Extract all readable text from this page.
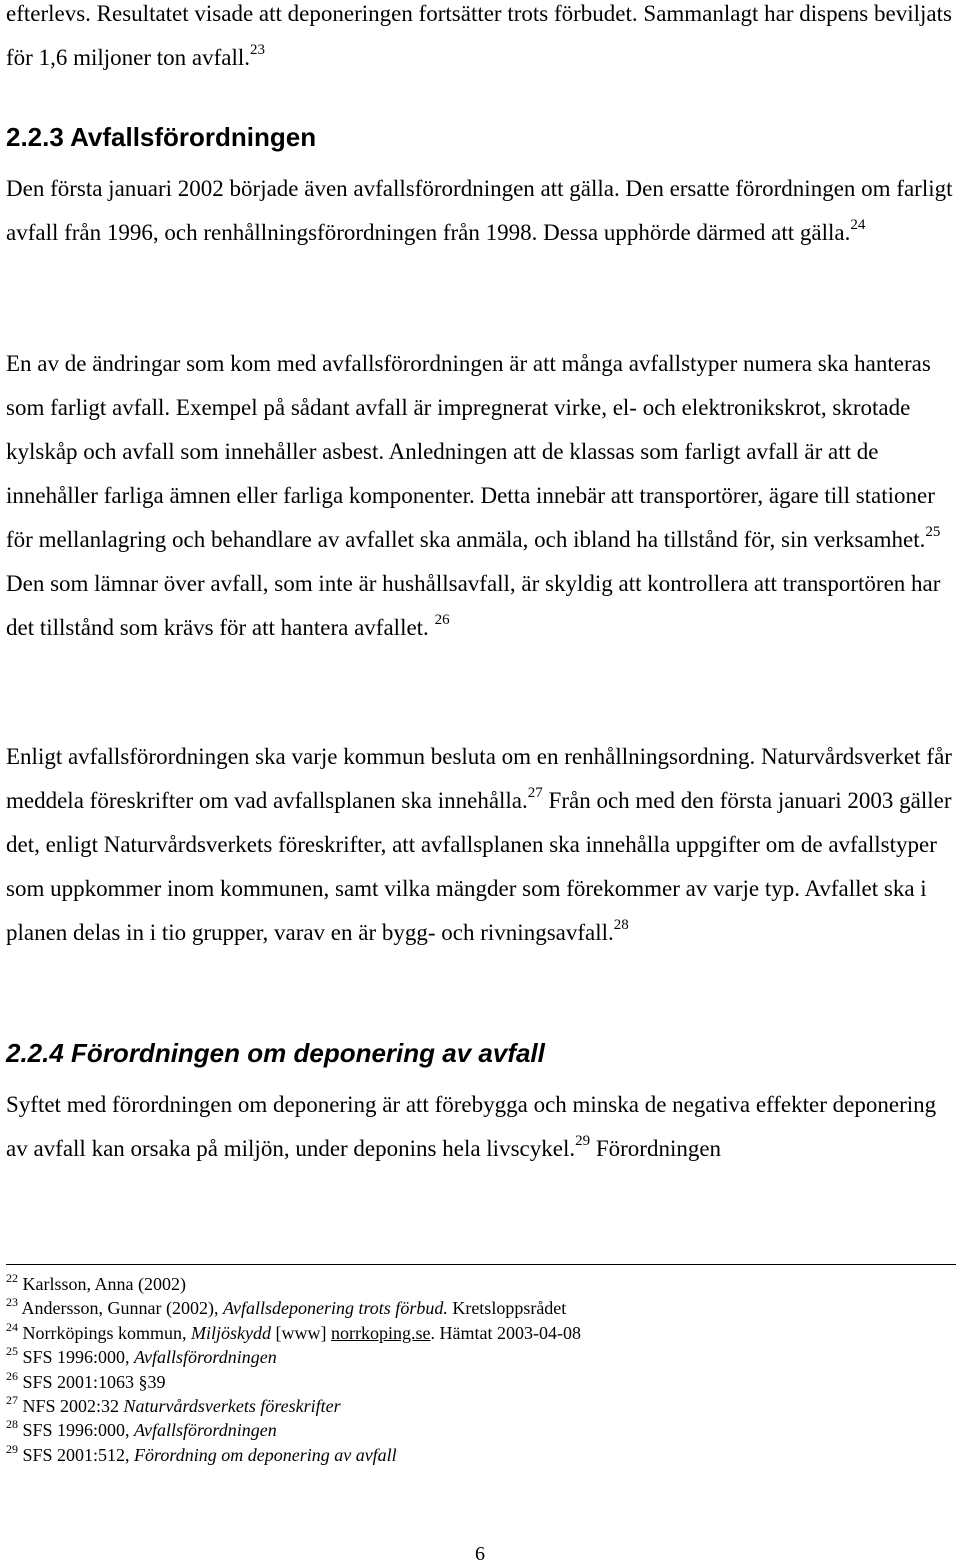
efterlevs. Resultatet visade att deponeringen fortsätter trots förbudet. Sammanlagt har dispens beviljats för 1,6 miljoner ton avfall.$^{23}$

2.2.3 Avfallsförordningen

Den första januari 2002 började även avfallsförordningen att gälla. Den ersatte förordningen om farligt avfall från 1996, och renhållningsförordningen från 1998. Dessa upphörde därmed att gälla.$^{24}$

En av de ändringar som kom med avfallsförordningen är att många avfallstyper numera ska hanteras som farligt avfall. Exempel på sådant avfall är impregnerat virke, el- och elektronikskrot, skrotade kylskåp och avfall som innehåller asbest. Anledningen att de klassas som farligt avfall är att de innehåller farliga ämnen eller farliga komponenter. Detta innebär att transportörer, ägare till stationer för mellanlagring och behandlare av avfallet ska anmäla, och ibland ha tillstånd för, sin verksamhet.$^{25}$ Den som lämnar över avfall, som inte är hushållsavfall, är skyldig att kontrollera att transportören har det tillstånd som krävs för att hantera avfallet. $^{26}$

Enligt avfallsförordningen ska varje kommun besluta om en renhållningsordning. Naturvårdsverket får meddela föreskrifter om vad avfallsplanen ska innehålla.$^{27}$ Från och med den första januari 2003 gäller det, enligt Naturvårdsverkets föreskrifter, att avfallsplanen ska innehålla uppgifter om de avfallstyper som uppkommer inom kommunen, samt vilka mängder som förekommer av varje typ. Avfallet ska i planen delas in i tio grupper, varav en är bygg- och rivningsavfall.$^{28}$

2.2.4 Förordningen om deponering av avfall

Syftet med förordningen om deponering är att förebygga och minska de negativa effekter deponering av avfall kan orsaka på miljön, under deponins hela livscykel.$^{29}$ Förordningen

$^{22}$ Karlsson, Anna (2002)
$^{23}$ Andersson, Gunnar (2002), Avfallsdeponering trots förbud. Kretsloppsrådet
$^{24}$ Norrköpings kommun, Miljöskydd [www] norrkoping.se. Hämtat 2003-04-08
$^{25}$ SFS 1996:000, Avfallsförordningen
$^{26}$ SFS 2001:1063 §39
$^{27}$ NFS 2002:32 Naturvårdsverkets föreskrifter
$^{28}$ SFS 1996:000, Avfallsförordningen
$^{29}$ SFS 2001:512, Förordning om deponering av avfall
6
